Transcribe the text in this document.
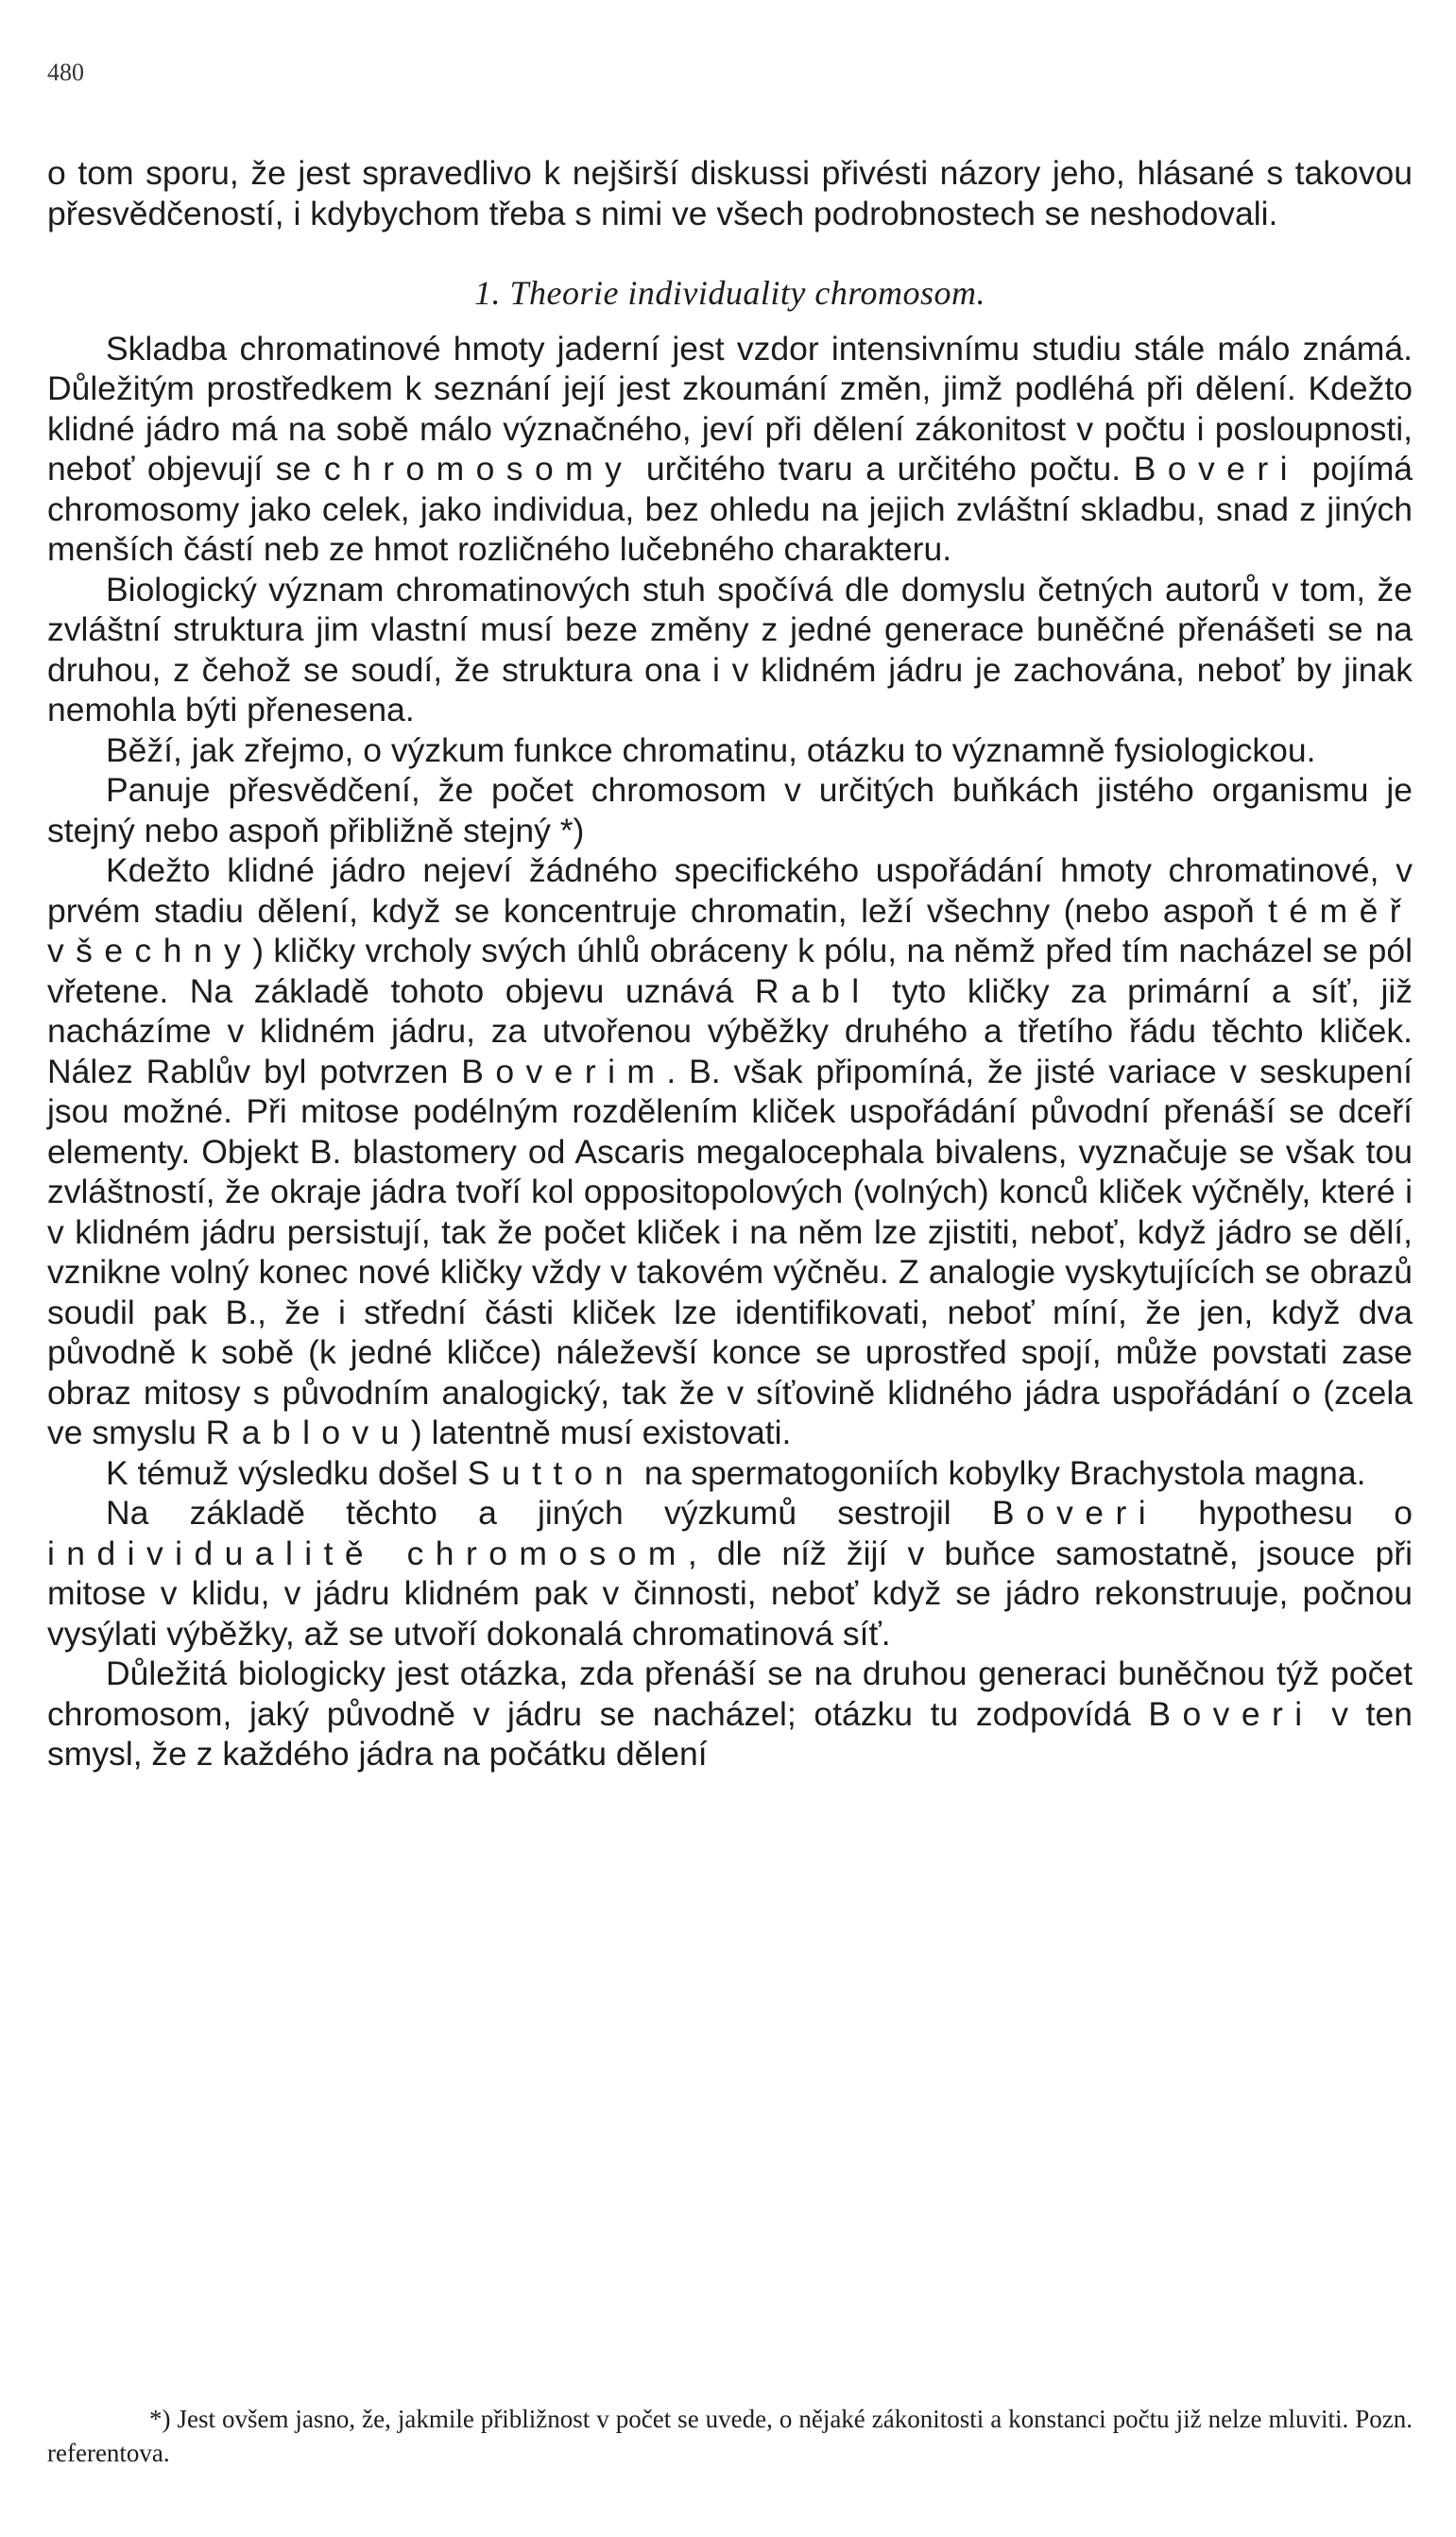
480

o tom sporu, že jest spravedlivo k nejširší diskussi přivésti názory jeho, hlásané s takovou přesvědčeností, i kdybychom třeba s nimi ve všech podrobnostech se neshodovali.

1. Theorie individuality chromosom.

Skladba chromatinové hmoty jaderní jest vzdor intensivnímu studiu stále málo známá. Důležitým prostředkem k seznání její jest zkoumání změn, jimž podléhá při dělení. Kdežto klidné jádro má na sobě málo význačného, jeví při dělení zákonitost v počtu i posloupnosti, neboť objevují se chromosomy určitého tvaru a určitého počtu. Boveri pojímá chromosomy jako celek, jako individua, bez ohledu na jejich zvláštní skladbu, snad z jiných menších částí neb ze hmot rozličného lučebného charakteru.

Biologický význam chromatinových stuh spočívá dle domyslu četných autorů v tom, že zvláštní struktura jim vlastní musí beze změny z jedné generace buněčné přenášeti se na druhou, z čehož se soudí, že struktura ona i v klidném jádru je zachována, neboť by jinak nemohla býti přenesena.

Běží, jak zřejmo, o výzkum funkce chromatinu, otázku to významně fysiologickou.

Panuje přesvědčení, že počet chromosom v určitých buňkách jistého organismu je stejný nebo aspoň přibližně stejný *)

Kdežto klidné jádro nejeví žádného specifického uspořádání hmoty chromatinové, v prvém stadiu dělení, když se koncentruje chromatin, leží všechny (nebo aspoň téměř všechny) kličky vrcholy svých úhlů obráceny k pólu, na němž před tím nacházel se pól vřetene. Na základě tohoto objevu uznává Rabl tyto kličky za primární a síť, již nacházíme v klidném jádru, za utvořenou výběžky druhého a třetího řádu těchto kliček. Nález Rablův byl potvrzen Boverim. B. však připomíná, že jisté variace v seskupení jsou možné. Při mitose podélným rozdělením kliček uspořádání původní přenáší se dceří elementy. Objekt B. blastomery od Ascaris megalocephala bivalens, vyznačuje se však tou zvláštností, že okraje jádra tvoří kol oppositopolových (volných) konců kliček výčněly, které i v klidném jádru persistují, tak že počet kliček i na něm lze zjistiti, neboť, když jádro se dělí, vznikne volný konec nové kličky vždy v takovém výčněu. Z analogie vyskytujících se obrazů soudil pak B., že i střední části kliček lze identifikovati, neboť míní, že jen, když dva původně k sobě (k jedné kličce) náleževší konce se uprostřed spojí, může povstati zase obraz mitosy s původním analogický, tak že v síťovině klidného jádra uspořádání o (zcela ve smyslu Rablovu) latentně musí existovati.

K témuž výsledku došel Sutton na spermatogoniích kobylky Brachystola magna.

Na základě těchto a jiných výzkumů sestrojil Boveri hypothesu o individualitě chromosom, dle níž žijí v buňce samostatně, jsouce při mitose v klidu, v jádru klidném pak v činnosti, neboť když se jádro rekonstruuje, počnou vysýlati výběžky, až se utvoří dokonalá chromatinová síť.

Důležitá biologicky jest otázka, zda přenáší se na druhou generaci buněčnou týž počet chromosom, jaký původně v jádru se nacházel; otázku tu zodpovídá Boveri v ten smysl, že z každého jádra na počátku dělení

*) Jest ovšem jasno, že, jakmile přibližnost v počet se uvede, o nějaké zákonitosti a konstanci počtu již nelze mluviti. Pozn. referentova.
